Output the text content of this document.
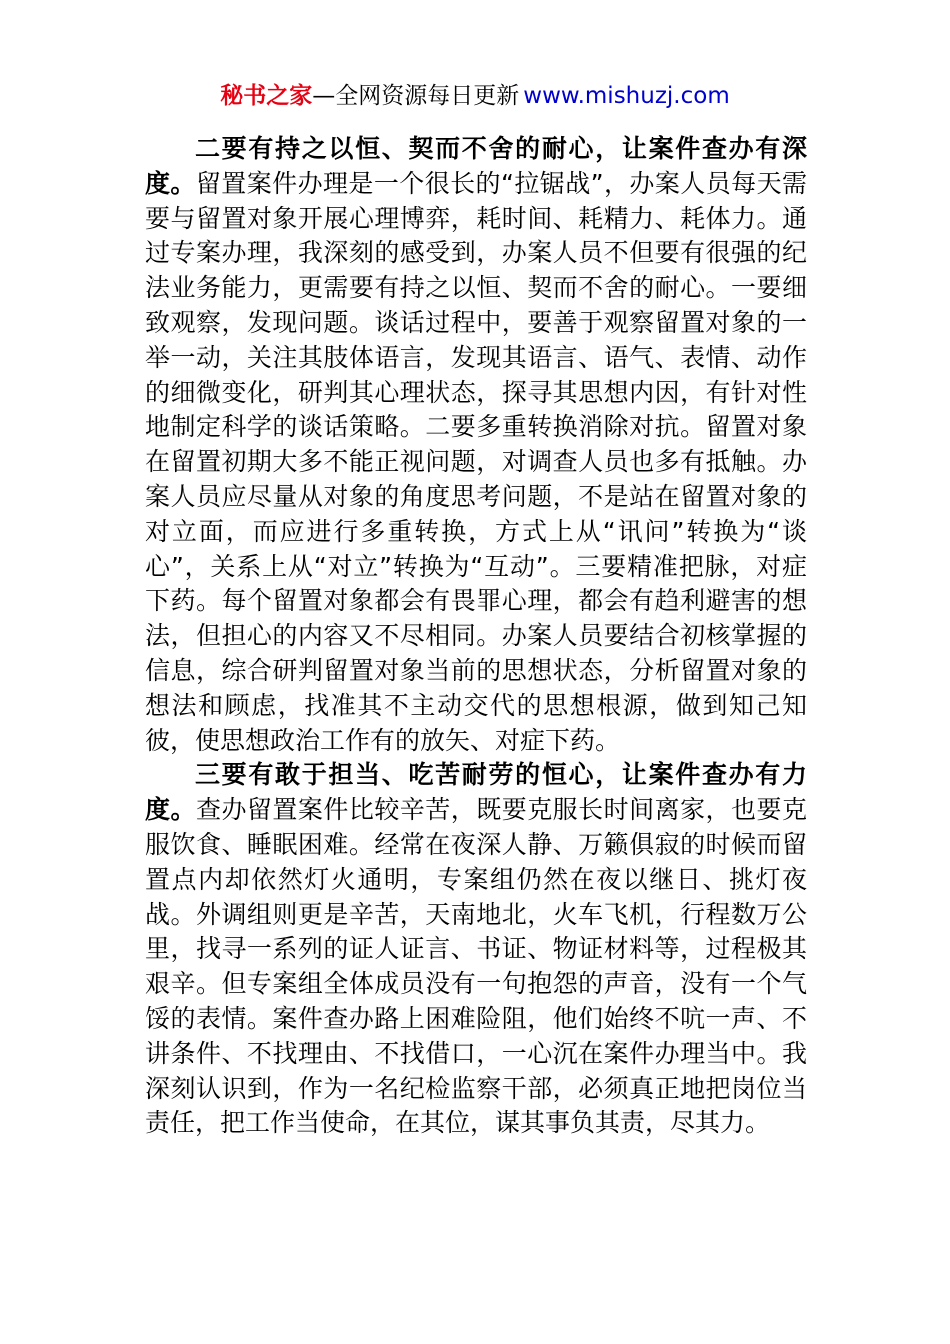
秘书之家—全网资源每日更新 www.mishuzj.com

二要有持之以恒、契而不舍的耐心，让案件查办有深度。留置案件办理是一个很长的“拉锯战”，办案人员每天需要与留置对象开展心理博弈，耗时间、耗精力、耗体力。通过专案办理，我深刻的感受到，办案人员不但要有很强的纪法业务能力，更需要有持之以恒、契而不舍的耐心。一要细致观察，发现问题。谈话过程中，要善于观察留置对象的一举一动，关注其肢体语言，发现其语言、语气、表情、动作的细微变化，研判其心理状态，探寻其思想内因，有针对性地制定科学的谈话策略。二要多重转换消除对抗。留置对象在留置初期大多不能正视问题，对调查人员也多有抵触。办案人员应尽量从对象的角度思考问题，不是站在留置对象的对立面，而应进行多重转换，方式上从“讯问”转换为“谈心”，关系上从“对立”转换为“互动”。三要精准把脉，对症下药。每个留置对象都会有畏罪心理，都会有趋利避害的想法，但担心的内容又不尽相同。办案人员要结合初核掌握的信息，综合研判留置对象当前的思想状态，分析留置对象的想法和顾虑，找准其不主动交代的思想根源，做到知己知彼，使思想政治工作有的放矢、对症下药。

三要有敢于担当、吃苦耐劳的恒心，让案件查办有力度。查办留置案件比较辛苦，既要克服长时间离家，也要克服饮食、睡眠困难。经常在夜深人静、万籁俱寂的时候而留置点内却依然灯火通明，专案组仍然在夜以继日、挑灯夜战。外调组则更是辛苦，天南地北，火车飞机，行程数万公里，找寻一系列的证人证言、书证、物证材料等，过程极其艰辛。但专案组全体成员没有一句抱怨的声音，没有一个气馁的表情。案件查办路上困难险阻，他们始终不吭一声、不讲条件、不找理由、不找借口，一心沉在案件办理当中。我深刻认识到，作为一名纪检监察干部，必须真正地把岗位当责任，把工作当使命，在其位，谋其事负其责，尽其力。
